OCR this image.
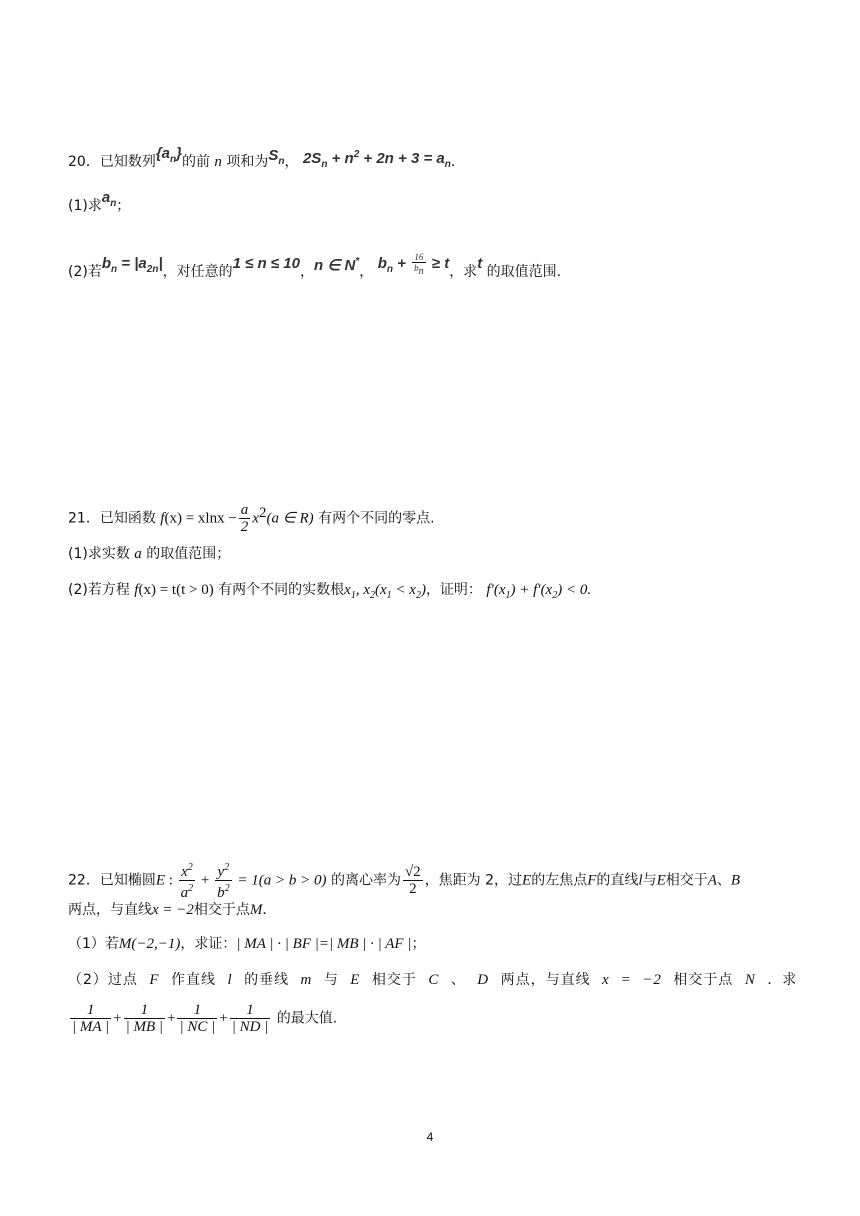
20．已知数列$\{a_n\}$的前 n 项和为$S_n$， $2S_n + n^2 + 2n + 3 = a_n$.
(1)求$a_n$；
(2)若$b_n = |a_{2n}|$，对任意的1 ≤ n ≤ 10，n ∈ N*， $b_n + \frac{16}{b_n} \ge t$，求t 的取值范围.
21．已知函数 $f(x) = xlnx - \frac{a}{2} x^2(a$ ∈ R) 有两个不同的零点.
(1)求实数 a 的取值范围；
(2)若方程 f(x) = t(t > 0) 有两个不同的实数根$x_1$, $x_2(x_1 < x_2)$，证明： $f'(x_1) + f'(x_2) < 0$.
22．已知椭圆E : $\frac{x^2}{a^2} + \frac{y^2}{b^2} = 1(a > b > 0)$ 的离心率为 $\frac{√2}{2}$ ，焦距为 2，过E的左焦点F的直线l与E相交于A、B
两点，与直线x = −2相交于点M．
（1）若M(−2,−1)，求证：| MA | · | BF |=| MB | · | AF |；
（2）过点 F 作直线 l 的垂线 m 与 E 相交于 C 、 D 两点，与直线 x = −2 相交于点 N ．求
$\frac{1}{| MA |} + \frac{1}{| MB |} + \frac{1}{| NC |} + \frac{1}{| ND |}$ 的最大值.
4
